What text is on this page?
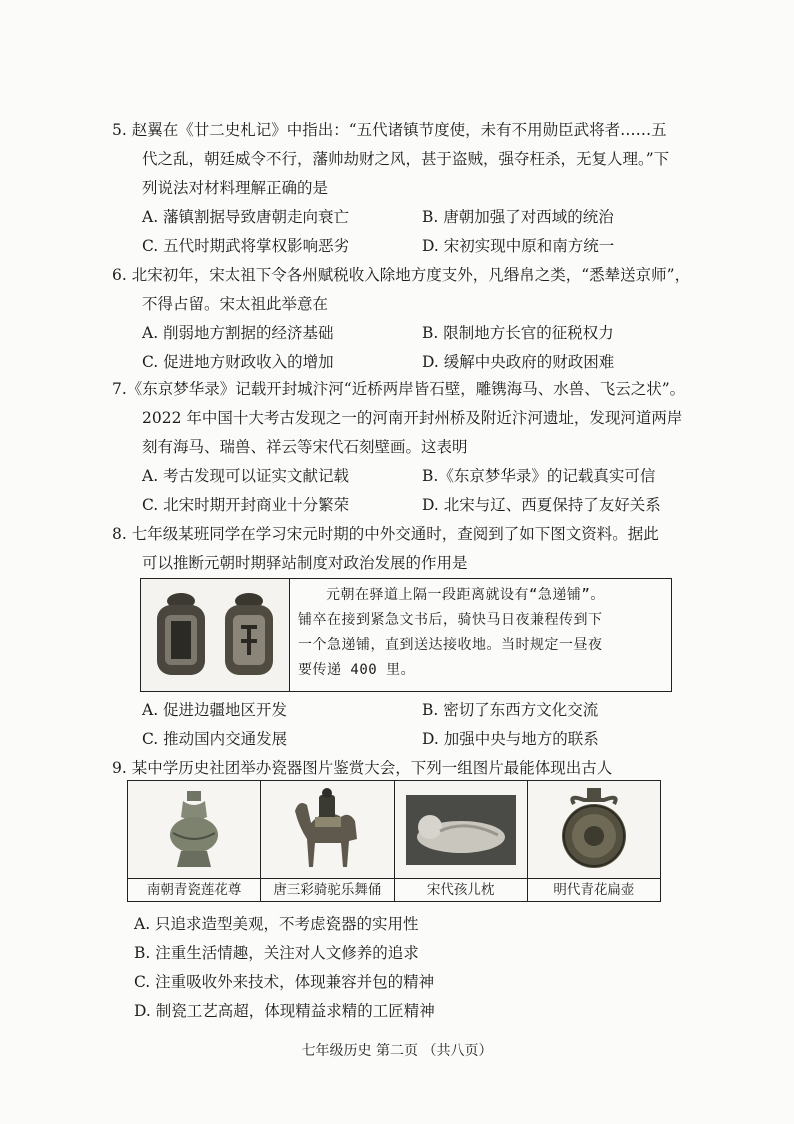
5. 赵翼在《廿二史札记》中指出：“五代诸镇节度使，未有不用勋臣武将者……五
代之乱，朝廷威令不行，藩帅劫财之风，甚于盗贼，强夺枉杀，无复人理。”下
列说法对材料理解正确的是
A. 藩镇割据导致唐朝走向衰亡	B. 唐朝加强了对西域的统治
C. 五代时期武将掌权影响恶劣	D. 宋初实现中原和南方统一
6. 北宋初年，宋太祖下令各州赋税收入除地方度支外，凡缗帛之类，“悉辇送京师”，
不得占留。宋太祖此举意在
A. 削弱地方割据的经济基础	B. 限制地方长官的征税权力
C. 促进地方财政收入的增加	D. 缓解中央政府的财政困难
7.《东京梦华录》记载开封城汴河“近桥两岸皆石壁，雕镌海马、水兽、飞云之状”。
2022 年中国十大考古发现之一的河南开封州桥及附近汴河遗址，发现河道两岸
刻有海马、瑞兽、祥云等宋代石刻壁画。这表明
A. 考古发现可以证实文献记载	B.《东京梦华录》的记载真实可信
C. 北宋时期开封商业十分繁荣	D. 北宋与辽、西夏保持了友好关系
8. 七年级某班同学在学习宋元时期的中外交通时，查阅到了如下图文资料。据此
可以推断元朝时期驿站制度对政治发展的作用是
元朝在驿道上隔一段距离就设有“急递铺”。
铺卒在接到紧急文书后，骑快马日夜兼程传到下
一个急递铺，直到送达接收地。当时规定一昼夜
要传递 400 里。
A. 促进边疆地区开发	B. 密切了东西方文化交流
C. 推动国内交通发展	D. 加强中央与地方的联系
9. 某中学历史社团举办瓷器图片鉴赏大会，下列一组图片最能体现出古人
南朝青瓷莲花尊	唐三彩骑驼乐舞俑	宋代孩儿枕	明代青花扁壶
A. 只追求造型美观，不考虑瓷器的实用性
B. 注重生活情趣，关注对人文修养的追求
C. 注重吸收外来技术，体现兼容并包的精神
D. 制瓷工艺高超，体现精益求精的工匠精神
七年级历史 第二页 （共八页）
